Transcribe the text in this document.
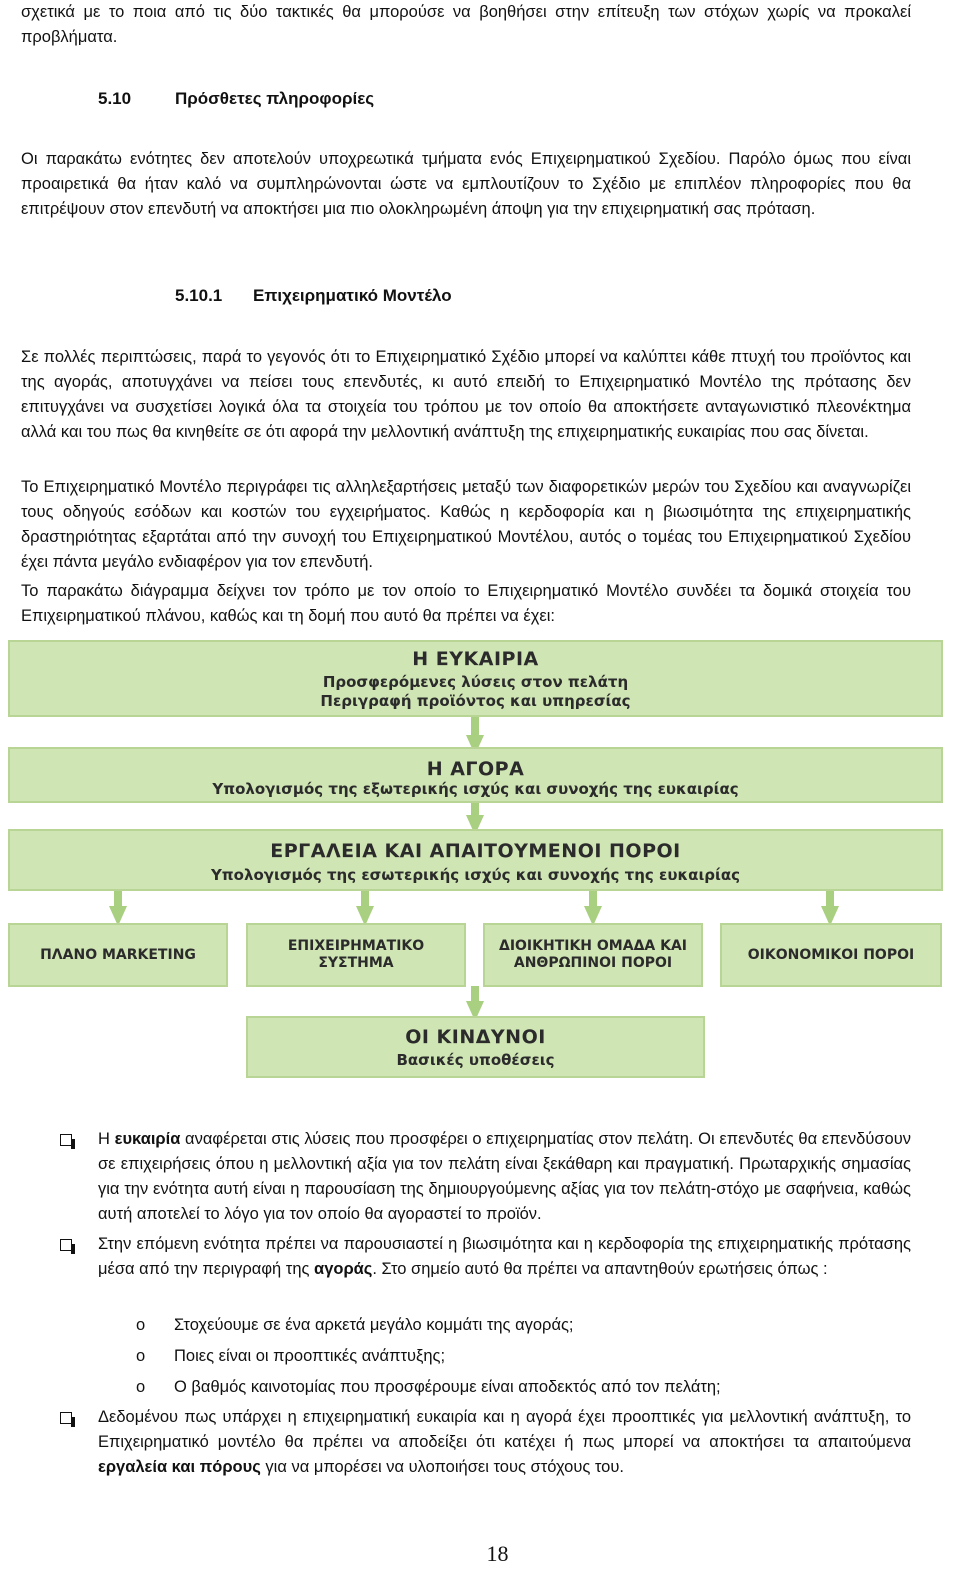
σχετικά με το ποια από τις δύο τακτικές θα μπορούσε να βοηθήσει στην επίτευξη των στόχων χωρίς να προκαλεί προβλήματα.

5.10	Πρόσθετες πληροφορίες

Οι παρακάτω ενότητες δεν αποτελούν υποχρεωτικά τμήματα ενός Επιχειρηματικού Σχεδίου. Παρόλο όμως που είναι προαιρετικά θα ήταν καλό να συμπληρώνονται ώστε να εμπλουτίζουν το Σχέδιο με επιπλέον πληροφορίες που θα επιτρέψουν στον επενδυτή να αποκτήσει μια πιο ολοκληρωμένη άποψη για την επιχειρηματική σας πρόταση.

5.10.1 Επιχειρηματικό Μοντέλο

Σε πολλές περιπτώσεις, παρά το γεγονός ότι το Επιχειρηματικό Σχέδιο μπορεί να καλύπτει κάθε πτυχή του προϊόντος και της αγοράς, αποτυγχάνει να πείσει τους επενδυτές, κι αυτό επειδή το Επιχειρηματικό Μοντέλο της πρότασης δεν επιτυγχάνει να συσχετίσει λογικά όλα τα στοιχεία του τρόπου με τον οποίο θα αποκτήσετε ανταγωνιστικό πλεονέκτημα αλλά και του πως θα κινηθείτε σε ότι αφορά την μελλοντική ανάπτυξη της επιχειρηματικής ευκαιρίας που σας δίνεται.

Το Επιχειρηματικό Μοντέλο περιγράφει τις αλληλεξαρτήσεις μεταξύ των διαφορετικών μερών του Σχεδίου και αναγνωρίζει τους οδηγούς εσόδων και κοστών του εγχειρήματος. Καθώς η κερδοφορία και η βιωσιμότητα της επιχειρηματικής δραστηριότητας εξαρτάται από την συνοχή του Επιχειρηματικού Μοντέλου, αυτός ο τομέας του Επιχειρηματικού Σχεδίου έχει πάντα μεγάλο ενδιαφέρον για τον επενδυτή.

Το παρακάτω διάγραμμα δείχνει τον τρόπο με τον οποίο το Επιχειρηματικό Μοντέλο συνδέει τα δομικά στοιχεία του Επιχειρηματικού πλάνου, καθώς και τη δομή που αυτό θα πρέπει να έχει:

Η ΕΥΚΑΙΡΙΑ
Προσφερόμενες λύσεις στον πελάτη
Περιγραφή προϊόντος και υπηρεσίας
Η ΑΓΟΡΑ
Υπολογισμός της εξωτερικής ισχύς και συνοχής της ευκαιρίας
ΕΡΓΑΛΕΙΑ ΚΑΙ ΑΠΑΙΤΟΥΜΕΝΟΙ ΠΟΡΟΙ
Υπολογισμός της εσωτερικής ισχύς και συνοχής της ευκαιρίας
ΠΛΑΝΟ MARKETING
ΕΠΙΧΕΙΡΗΜΑΤΙΚΟ
ΣΥΣΤΗΜΑ
ΔΙΟΙΚΗΤΙΚΗ ΟΜΑΔΑ ΚΑΙ
ΑΝΘΡΩΠΙΝΟΙ ΠΟΡΟΙ
ΟΙΚΟΝΟΜΙΚΟΙ ΠΟΡΟΙ
ΟΙ ΚΙΝΔΥΝΟΙ
Βασικές υποθέσεις

Η ευκαιρία αναφέρεται στις λύσεις που προσφέρει ο επιχειρηματίας στον πελάτη. Οι επενδυτές θα επενδύσουν σε επιχειρήσεις όπου η μελλοντική αξία για τον πελάτη είναι ξεκάθαρη και πραγματική. Πρωταρχικής σημασίας για την ενότητα αυτή είναι η παρουσίαση της δημιουργούμενης αξίας για τον πελάτη-στόχο με σαφήνεια, καθώς αυτή αποτελεί το λόγο για τον οποίο θα αγοραστεί το προϊόν.

Στην επόμενη ενότητα πρέπει να παρουσιαστεί η βιωσιμότητα και η κερδοφορία της επιχειρηματικής πρότασης μέσα από την περιγραφή της αγοράς. Στο σημείο αυτό θα πρέπει να απαντηθούν ερωτήσεις όπως :

o Στοχεύουμε σε ένα αρκετά μεγάλο κομμάτι της αγοράς;
o Ποιες είναι οι προοπτικές ανάπτυξης;
o Ο βαθμός καινοτομίας που προσφέρουμε είναι αποδεκτός από τον πελάτη;

Δεδομένου πως υπάρχει η επιχειρηματική ευκαιρία και η αγορά έχει προοπτικές για μελλοντική ανάπτυξη, το Επιχειρηματικό μοντέλο θα πρέπει να αποδείξει ότι κατέχει ή πως μπορεί να αποκτήσει τα απαιτούμενα εργαλεία και πόρους για να μπορέσει να υλοποιήσει τους στόχους του.

18
